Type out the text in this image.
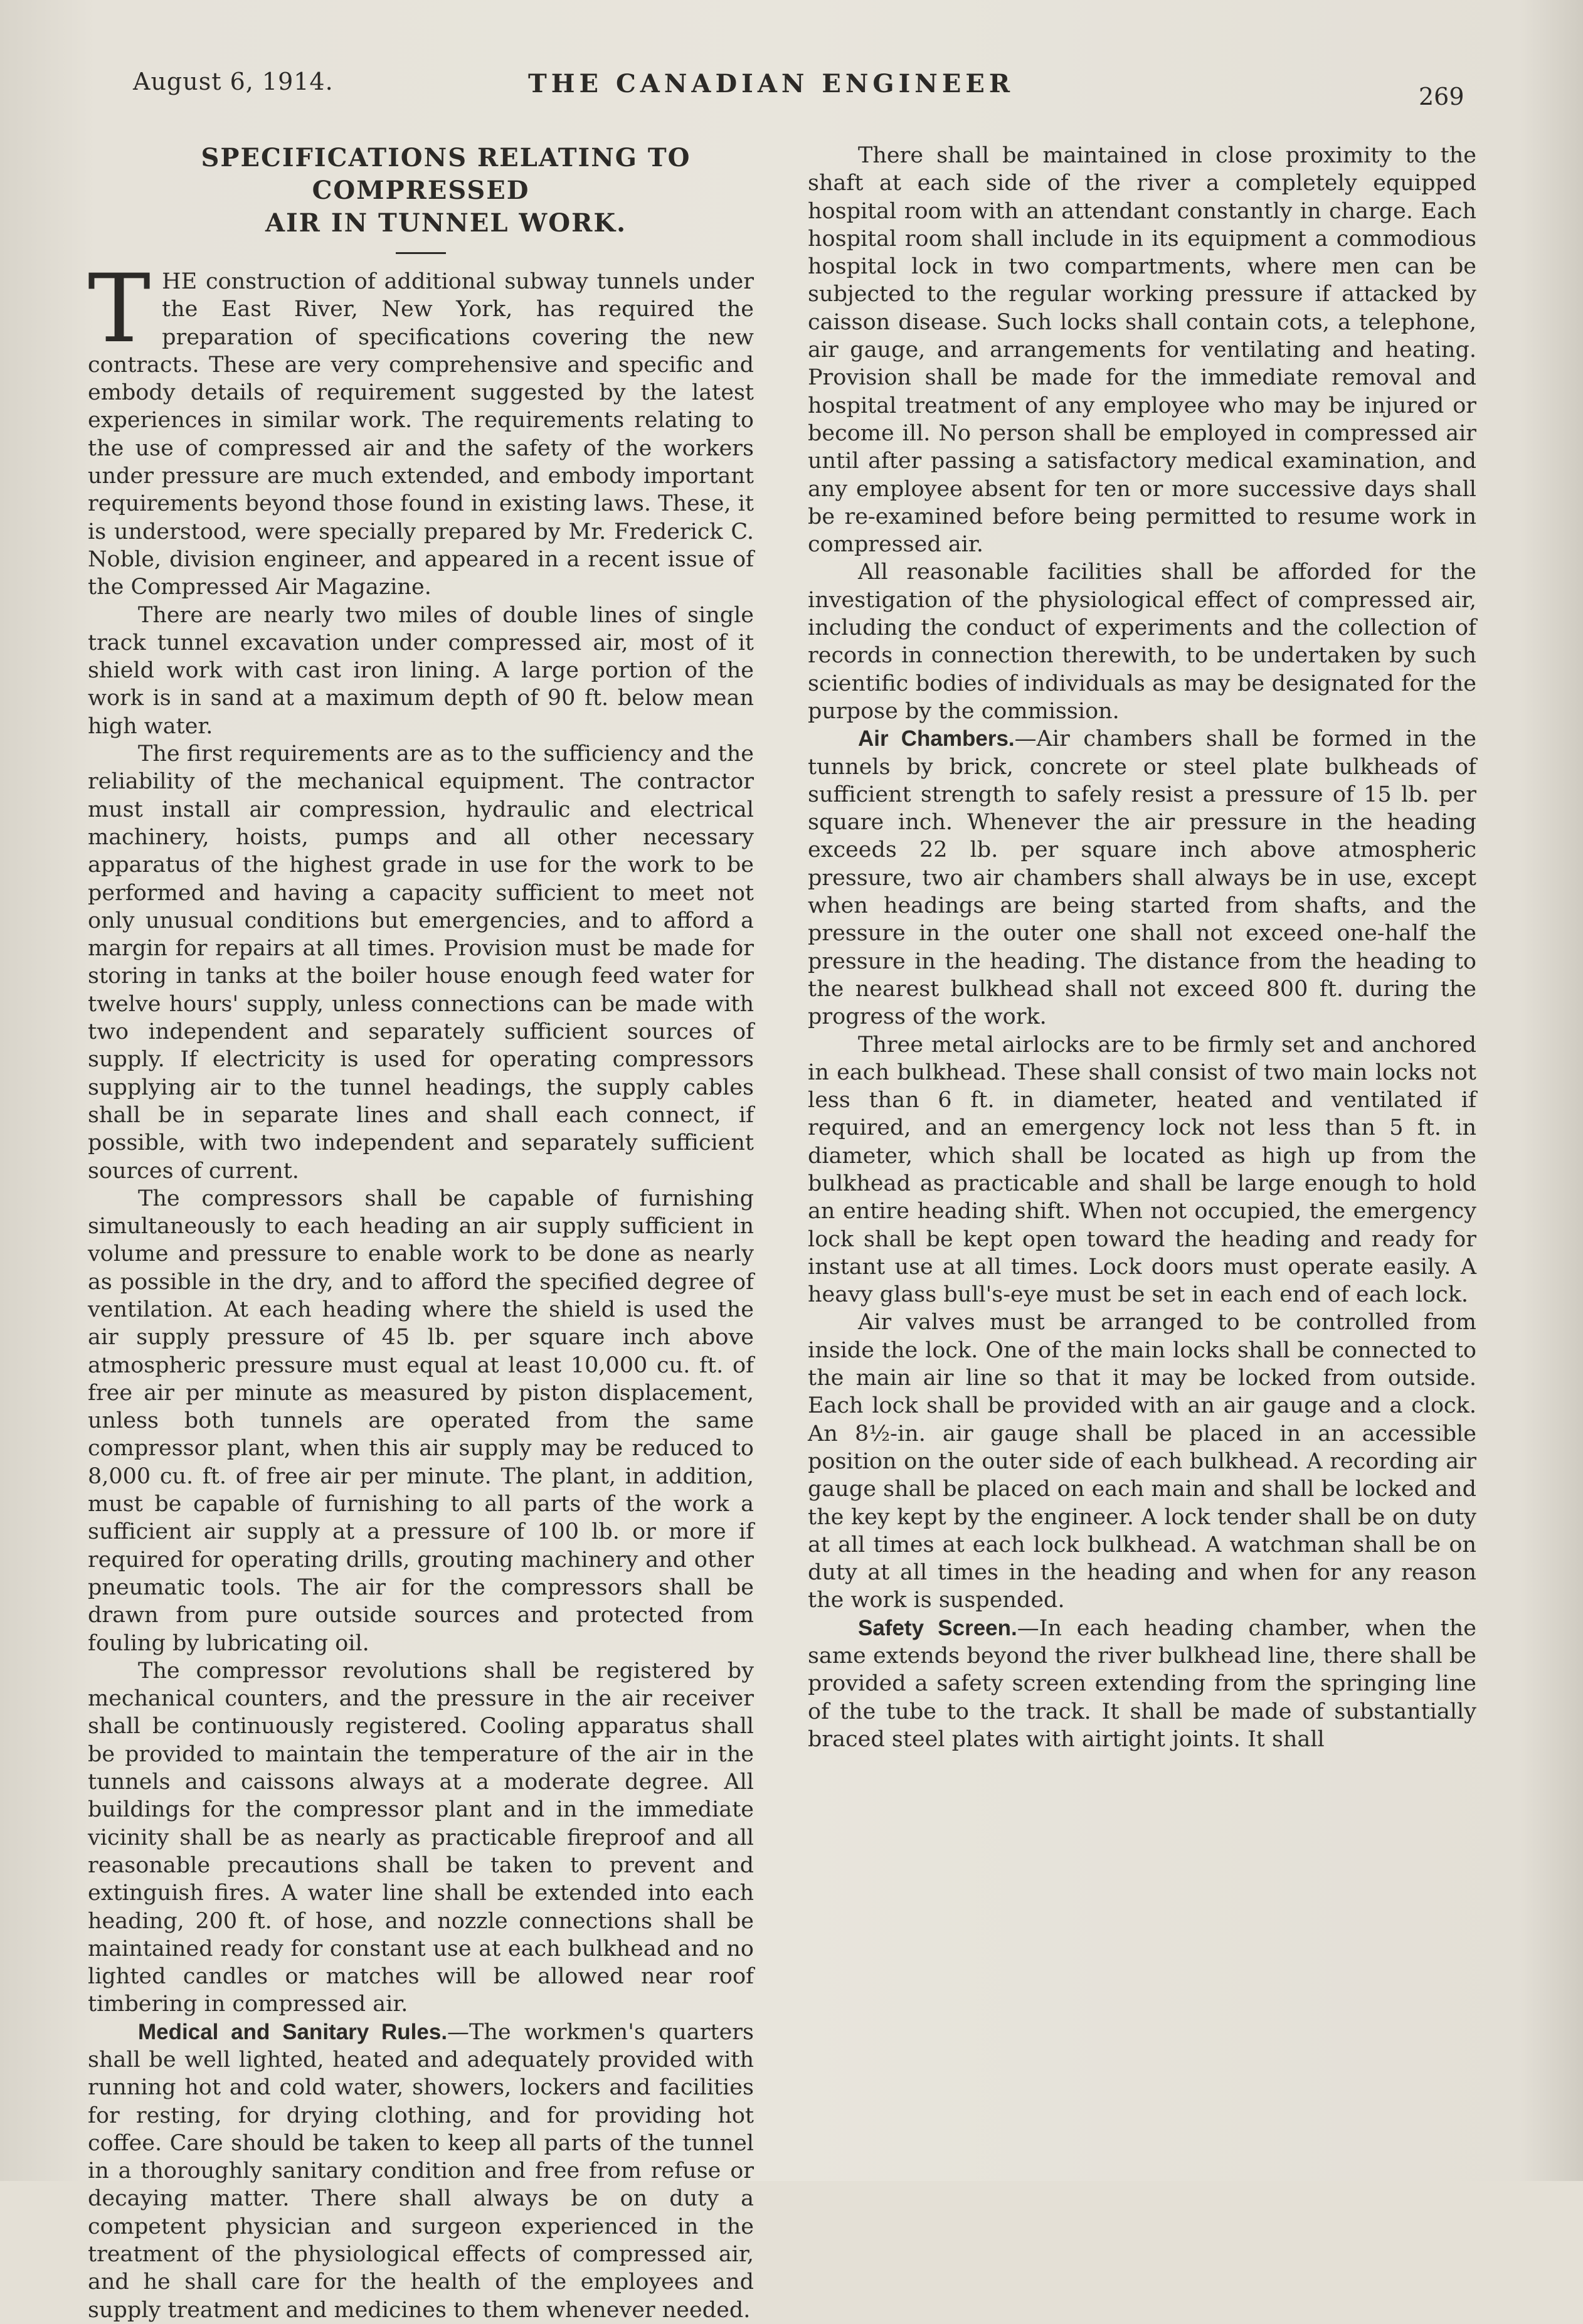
August 6, 1914.	THE CANADIAN ENGINEER	269

SPECIFICATIONS RELATING TO COMPRESSED

AIR IN TUNNEL WORK.

THE construction of additional subway tunnels under the East River, New York, has required the preparation of specifications covering the new contracts. These are very comprehensive and specific and embody details of requirement suggested by the latest experiences in similar work. The requirements relating to the use of compressed air and the safety of the workers under pressure are much extended, and embody important requirements beyond those found in existing laws. These, it is understood, were specially prepared by Mr. Frederick C. Noble, division engineer, and appeared in a recent issue of the Compressed Air Magazine.

There are nearly two miles of double lines of single track tunnel excavation under compressed air, most of it shield work with cast iron lining. A large portion of the work is in sand at a maximum depth of 90 ft. below mean high water.

The first requirements are as to the sufficiency and the reliability of the mechanical equipment. The contractor must install air compression, hydraulic and electrical machinery, hoists, pumps and all other necessary apparatus of the highest grade in use for the work to be performed and having a capacity sufficient to meet not only unusual conditions but emergencies, and to afford a margin for repairs at all times. Provision must be made for storing in tanks at the boiler house enough feed water for twelve hours' supply, unless connections can be made with two independent and separately sufficient sources of supply. If electricity is used for operating compressors supplying air to the tunnel headings, the supply cables shall be in separate lines and shall each connect, if possible, with two independent and separately sufficient sources of current.

The compressors shall be capable of furnishing simultaneously to each heading an air supply sufficient in volume and pressure to enable work to be done as nearly as possible in the dry, and to afford the specified degree of ventilation. At each heading where the shield is used the air supply pressure of 45 lb. per square inch above atmospheric pressure must equal at least 10,000 cu. ft. of free air per minute as measured by piston displacement, unless both tunnels are operated from the same compressor plant, when this air supply may be reduced to 8,000 cu. ft. of free air per minute. The plant, in addition, must be capable of furnishing to all parts of the work a sufficient air supply at a pressure of 100 lb. or more if required for operating drills, grouting machinery and other pneumatic tools. The air for the compressors shall be drawn from pure outside sources and protected from fouling by lubricating oil.

The compressor revolutions shall be registered by mechanical counters, and the pressure in the air receiver shall be continuously registered. Cooling apparatus shall be provided to maintain the temperature of the air in the tunnels and caissons always at a moderate degree. All buildings for the compressor plant and in the immediate vicinity shall be as nearly as practicable fireproof and all reasonable precautions shall be taken to prevent and extinguish fires. A water line shall be extended into each heading, 200 ft. of hose, and nozzle connections shall be maintained ready for constant use at each bulkhead and no lighted candles or matches will be allowed near roof timbering in compressed air.

Medical and Sanitary Rules.—The workmen's quarters shall be well lighted, heated and adequately provided with running hot and cold water, showers, lockers and facilities for resting, for drying clothing, and for providing hot coffee. Care should be taken to keep all parts of the tunnel in a thoroughly sanitary condition and free from refuse or decaying matter. There shall always be on duty a competent physician and surgeon experienced in the treatment of the physiological effects of compressed air, and he shall care for the health of the employees and supply treatment and medicines to them whenever needed.

There shall be maintained in close proximity to the shaft at each side of the river a completely equipped hospital room with an attendant constantly in charge. Each hospital room shall include in its equipment a commodious hospital lock in two compartments, where men can be subjected to the regular working pressure if attacked by caisson disease. Such locks shall contain cots, a telephone, air gauge, and arrangements for ventilating and heating. Provision shall be made for the immediate removal and hospital treatment of any employee who may be injured or become ill. No person shall be employed in compressed air until after passing a satisfactory medical examination, and any employee absent for ten or more successive days shall be re-examined before being permitted to resume work in compressed air.

All reasonable facilities shall be afforded for the investigation of the physiological effect of compressed air, including the conduct of experiments and the collection of records in connection therewith, to be undertaken by such scientific bodies of individuals as may be designated for the purpose by the commission.

Air Chambers.—Air chambers shall be formed in the tunnels by brick, concrete or steel plate bulkheads of sufficient strength to safely resist a pressure of 15 lb. per square inch. Whenever the air pressure in the heading exceeds 22 lb. per square inch above atmospheric pressure, two air chambers shall always be in use, except when headings are being started from shafts, and the pressure in the outer one shall not exceed one-half the pressure in the heading. The distance from the heading to the nearest bulkhead shall not exceed 800 ft. during the progress of the work.

Three metal airlocks are to be firmly set and anchored in each bulkhead. These shall consist of two main locks not less than 6 ft. in diameter, heated and ventilated if required, and an emergency lock not less than 5 ft. in diameter, which shall be located as high up from the bulkhead as practicable and shall be large enough to hold an entire heading shift. When not occupied, the emergency lock shall be kept open toward the heading and ready for instant use at all times. Lock doors must operate easily. A heavy glass bull's-eye must be set in each end of each lock.

Air valves must be arranged to be controlled from inside the lock. One of the main locks shall be connected to the main air line so that it may be locked from outside. Each lock shall be provided with an air gauge and a clock. An 8½-in. air gauge shall be placed in an accessible position on the outer side of each bulkhead. A recording air gauge shall be placed on each main and shall be locked and the key kept by the engineer. A lock tender shall be on duty at all times at each lock bulkhead. A watchman shall be on duty at all times in the heading and when for any reason the work is suspended.

Safety Screen.—In each heading chamber, when the same extends beyond the river bulkhead line, there shall be provided a safety screen extending from the springing line of the tube to the track. It shall be made of substantially braced steel plates with airtight joints. It shall
